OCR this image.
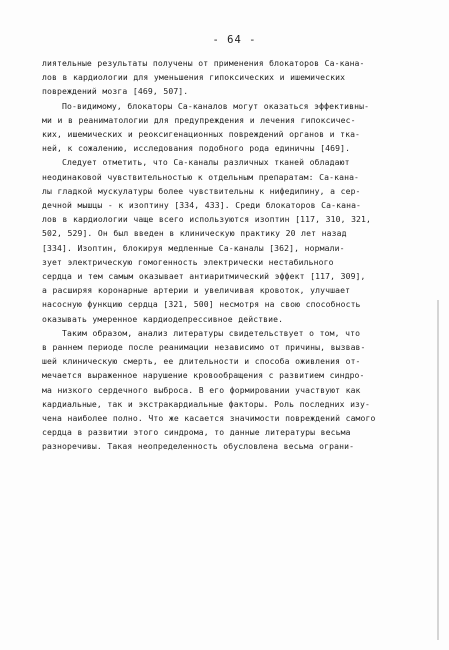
- 64 -
лиятельные результаты получены от применения блокаторов Са-кана-
лов в кардиологии для уменьшения гипоксических и ишемических
повреждений мозга [469, 507].
По-видимому, блокаторы Са-каналов могут оказаться эффективны-
ми и в реаниматологии для предупреждения и лечения гипоксичес-
ких, ишемических и реоксигенационных повреждений органов и тка-
ней, к сожалению, исследования подобного рода единичны [469].
Следует отметить, что Са-каналы различных тканей обладают
неодинаковой чувствительностью к отдельным препаратам: Са-кана-
лы гладкой мускулатуры более чувствительны к нифедипину, а сер-
дечной мышцы - к изоптину [334, 433]. Среди блокаторов Са-кана-
лов в кардиологии чаще всего используются изоптин [117, 310, 321,
502, 529]. Он был введен в клиническую практику 20 лет назад
[334]. Изоптин, блокируя медленные Са-каналы [362], нормали-
зует электрическую гомогенность электрически нестабильного
сердца и тем самым оказывает антиаритмический эффект [117, 309],
а расширяя коронарные артерии и увеличивая кровоток, улучшает
насосную функцию сердца [321, 500] несмотря на свою способность
оказывать умеренное кардиодепрессивное действие.
Таким образом, анализ литературы свидетельствует о том, что
в раннем периоде после реанимации независимо от причины, вызвав-
шей клиническую смерть, ее длительности и способа оживления от-
мечается выраженное нарушение кровообращения с развитием синдро-
ма низкого сердечного выброса. В его формировании участвуют как
кардиальные, так и экстракардиальные факторы. Роль последних изу-
чена наиболее полно. Что же касается значимости повреждений самого
сердца в развитии этого синдрома, то данные литературы весьма
разноречивы. Такая неопределенность обусловлена весьма ограни-
